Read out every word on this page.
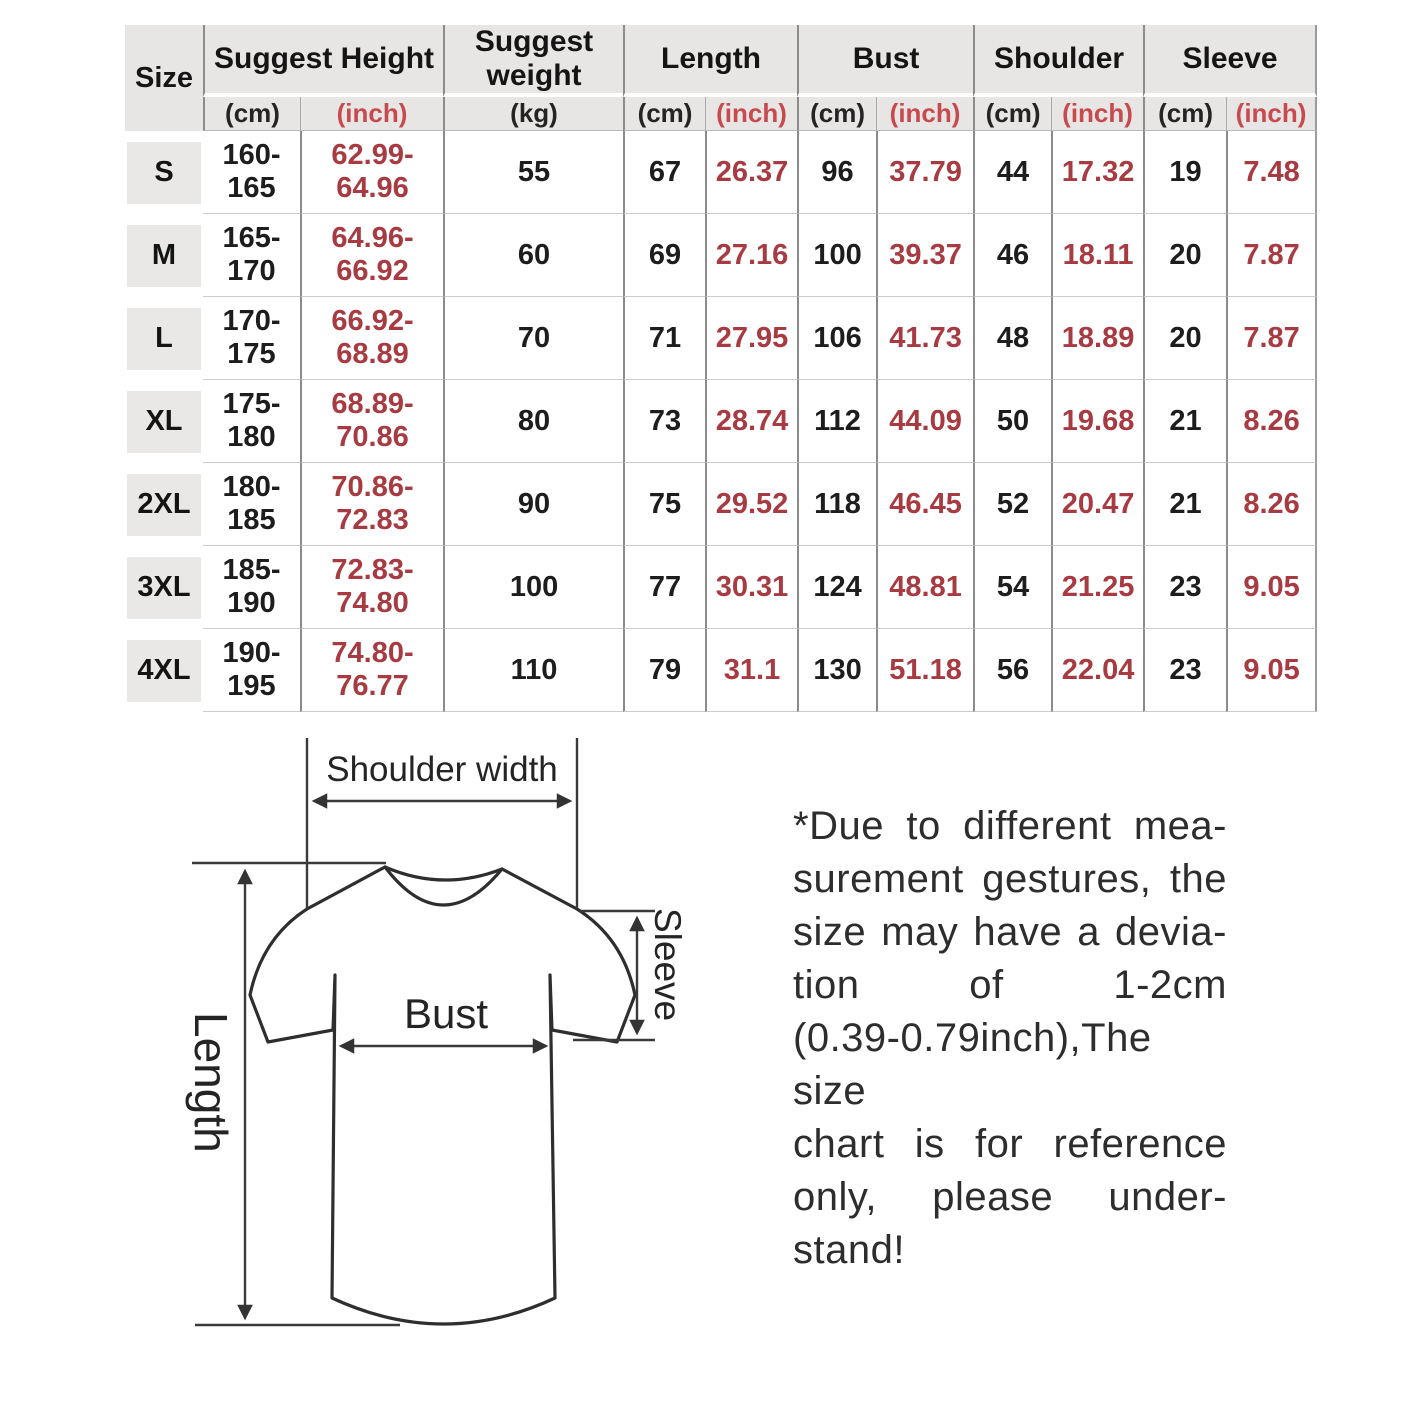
Size	Suggest Height		Suggest weight	Length		Bust		Shoulder		Sleeve	
	(cm)	(inch)	(kg)	(cm)	(inch)	(cm)	(inch)	(cm)	(inch)	(cm)	(inch)

S	160-165	62.99-64.96	55	67	26.37	96	37.79	44	17.32	19	7.48

M	165-170	64.96-66.92	60	69	27.16	100	39.37	46	18.11	20	7.87

L	170-175	66.92-68.89	70	71	27.95	106	41.73	48	18.89	20	7.87

XL	175-180	68.89-70.86	80	73	28.74	112	44.09	50	19.68	21	8.26

2XL	180-185	70.86-72.83	90	75	29.52	118	46.45	52	20.47	21	8.26

3XL	185-190	72.83-74.80	100	77	30.31	124	48.81	54	21.25	23	9.05

4XL	190-195	74.80-76.77	110	79	31.1	130	51.18	56	22.04	23	9.05
Shoulder width
Bust
Length
Sleeve
*Due to different mea-
surement gestures, the
size may have a devia-
tion of 1-2cm
(0.39-0.79inch),The size
chart is for reference
only, please under-
stand!
